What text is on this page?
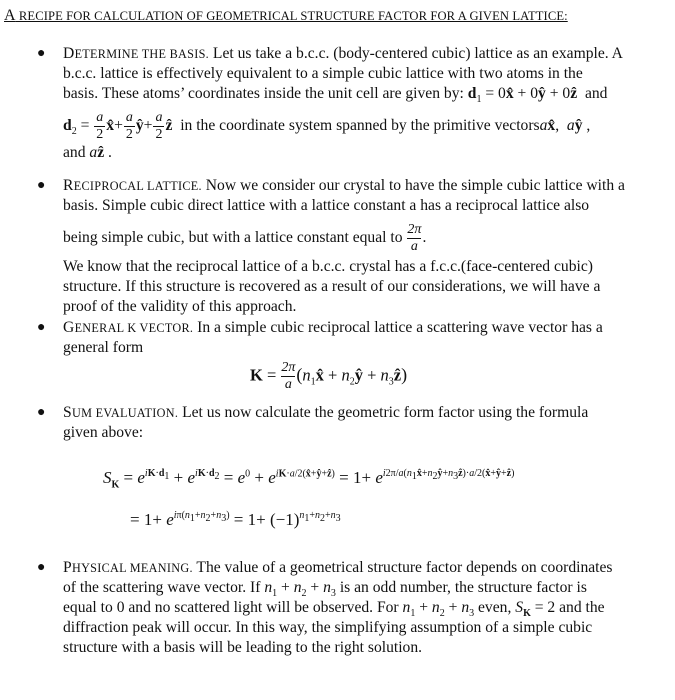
A RECIPE FOR CALCULATION OF GEOMETRICAL STRUCTURE FACTOR FOR A GIVEN LATTICE:
● DETERMINE THE BASIS. Let us take a b.c.c. (body-centered cubic) lattice as an example. A
b.c.c. lattice is effectively equivalent to a simple cubic lattice with two atoms in the
basis. These atoms’ coordinates inside the unit cell are given by: $d_1$ = 0x̂ + 0ŷ + 0ẑ and
$d_2 = \frac{a}{2}$ x̂+ $\frac{a}{2}$ ŷ+ $\frac{a}{2}$ ẑ in the coordinate system spanned by the primitive vectorsax̂,  aŷ ,
and aẑ .
● RECIPROCAL LATTICE. Now we consider our crystal to have the simple cubic lattice with a
basis. Simple cubic direct lattice with a lattice constant a has a reciprocal lattice also
being simple cubic, but with a lattice constant equal to $\frac{2\pi}{a}$ .
We know that the reciprocal lattice of a b.c.c. crystal has a f.c.c.(face-centered cubic)
structure. If this structure is recovered as a result of our considerations, we will have a
proof of the validity of this approach.
● GENERAL K VECTOR. In a simple cubic reciprocal lattice a scattering wave vector has a
general form
$K = \frac{2\pi}{a}$ ($n_1x̂$ + $n_2ŷ$ + $n_3ẑ$)
● SUM EVALUATION. Let us now calculate the geometric form factor using the formula
given above:
$S_K = e^{iK\cdot d_1} + e^{iK\cdot d_2} = e^0 + e^{iK\cdot a/2(x̂+ŷ+ẑ)} = 1+ e^{i2\pi/a(n_1x̂+n_2ŷ+n_3ẑ)\cdot a/2(x̂+ŷ+ẑ)}$
= $1+ e^{i\pi(n_1+n_2+n_3)} = 1+ (-1)^{n_1+n_2+n_3}$
● PHYSICAL MEANING. The value of a geometrical structure factor depends on coordinates
of the scattering wave vector. If $n_1 + n_2 + n_3$ is an odd number, the structure factor is
equal to 0 and no scattered light will be observed. For $n_1 + n_2 + n_3$ even, $S_K = 2$ and the
diffraction peak will occur. In this way, the simplifying assumption of a simple cubic
structure with a basis will be leading to the right solution.
